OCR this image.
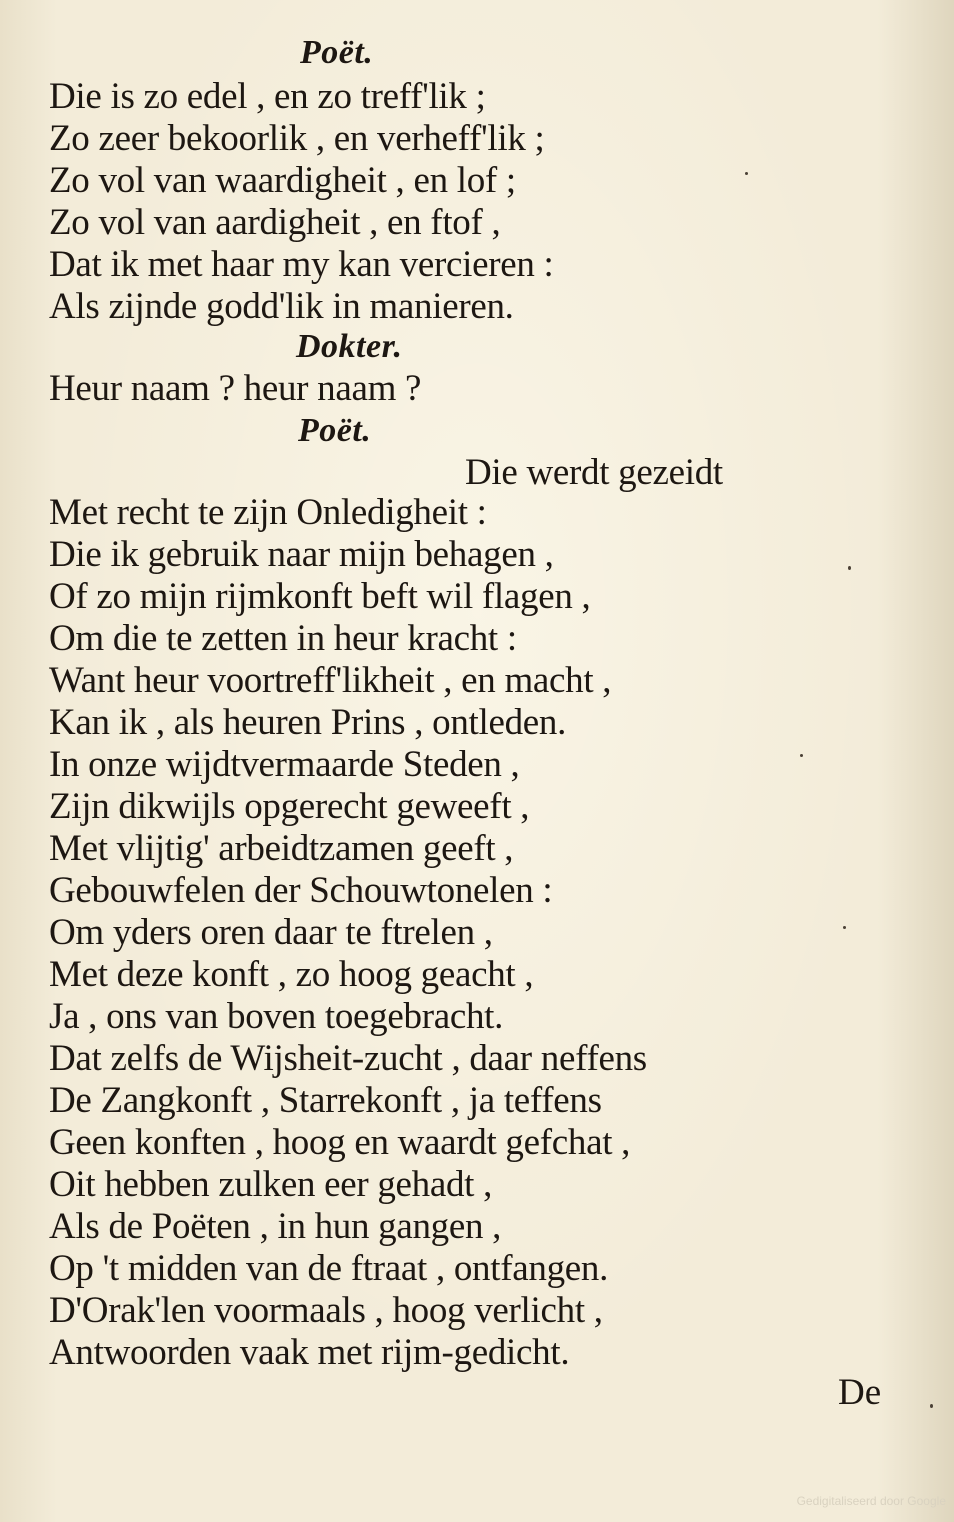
Poët.
Die is zo edel , en zo treff'lik ;
Zo zeer bekoorlik , en verheff'lik ;
Zo vol van waardigheit , en lof ;
Zo vol van aardigheit , en ftof ,
Dat ik met haar my kan vercieren :
Als zijnde godd'lik in manieren.
Dokter.
Heur naam ? heur naam ?
Poët.
Die werdt gezeidt
Met recht te zijn Onledigheit :
Die ik gebruik naar mijn behagen ,
Of zo mijn rijmkonft beft wil flagen ,
Om die te zetten in heur kracht :
Want heur voortreff'likheit , en macht ,
Kan ik , als heuren Prins , ontleden.
In onze wijdtvermaarde Steden ,
Zijn dikwijls opgerecht geweeft ,
Met vlijtig' arbeidtzamen geeft ,
Gebouwfelen der Schouwtonelen :
Om yders oren daar te ftrelen ,
Met deze konft , zo hoog geacht ,
Ja , ons van boven toegebracht.
Dat zelfs de Wijsheit-zucht , daar neffens
De Zangkonft , Starrekonft , ja teffens
Geen konften , hoog en waardt gefchat ,
Oit hebben zulken eer gehadt ,
Als de Poëten , in hun gangen ,
Op 't midden van de ftraat , ontfangen.
D'Orak'len voormaals , hoog verlicht ,
Antwoorden vaak met rijm-gedicht.
De
Gedigitaliseerd door Google
